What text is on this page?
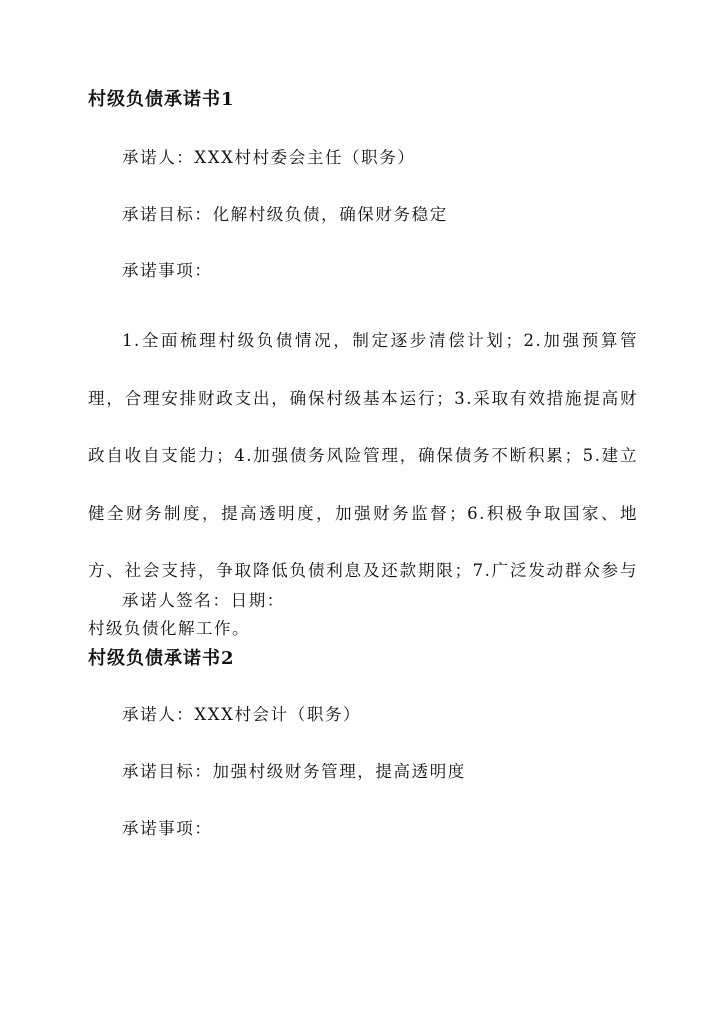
村级负债承诺书1

承诺人：XXX村村委会主任（职务）

承诺目标：化解村级负债，确保财务稳定

承诺事项：

1.全面梳理村级负债情况，制定逐步清偿计划；2.加强预算管理，合理安排财政支出，确保村级基本运行；3.采取有效措施提高财政自收自支能力；4.加强债务风险管理，确保债务不断积累；5.建立健全财务制度，提高透明度，加强财务监督；6.积极争取国家、地方、社会支持，争取降低负债利息及还款期限；7.广泛发动群众参与村级负债化解工作。

承诺人签名：日期：

村级负债承诺书2

承诺人：XXX村会计（职务）

承诺目标：加强村级财务管理，提高透明度

承诺事项：
